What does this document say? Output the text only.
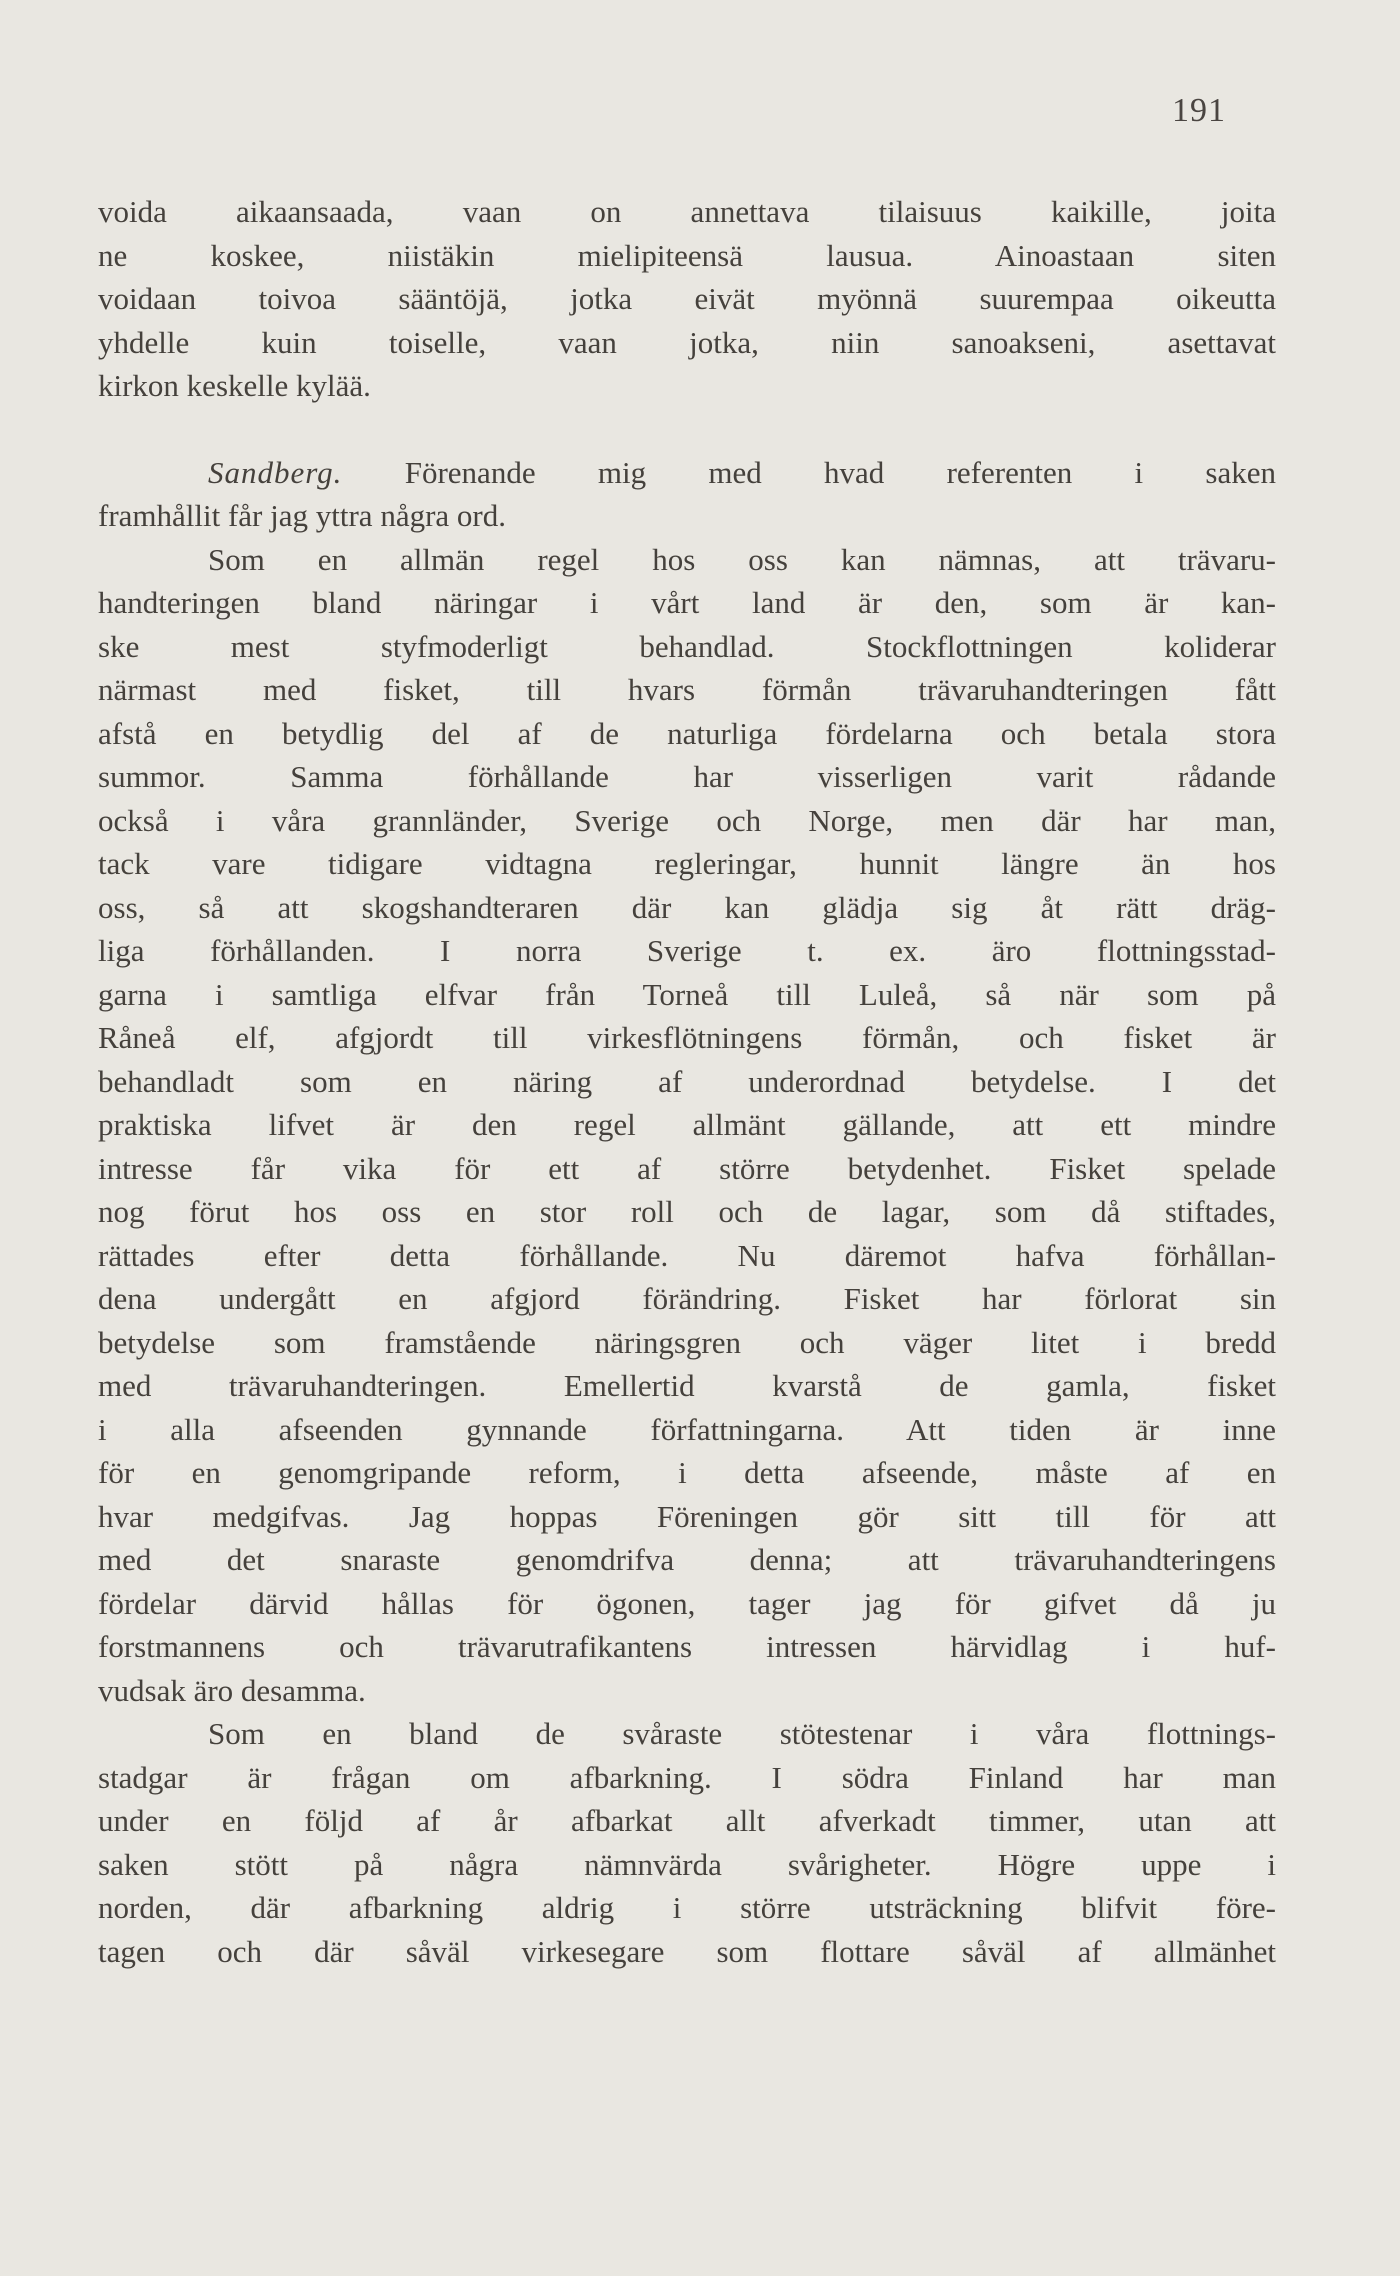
191
voida aikaansaada, vaan on annettava tilaisuus kaikille, joita
ne koskee, niistäkin mielipiteensä lausua. Ainoastaan siten
voidaan toivoa sääntöjä, jotka eivät myönnä suurempaa oikeutta
yhdelle kuin toiselle, vaan jotka, niin sanoakseni, asettavat
kirkon keskelle kylää.
Sandberg. Förenande mig med hvad referenten i saken
framhållit får jag yttra några ord.
Som en allmän regel hos oss kan nämnas, att trävaru-
handteringen bland näringar i vårt land är den, som är kan-
ske mest styfmoderligt behandlad. Stockflottningen koliderar
närmast med fisket, till hvars förmån trävaruhandteringen fått
afstå en betydlig del af de naturliga fördelarna och betala stora
summor. Samma förhållande har visserligen varit rådande
också i våra grannländer, Sverige och Norge, men där har man,
tack vare tidigare vidtagna regleringar, hunnit längre än hos
oss, så att skogshandteraren där kan glädja sig åt rätt dräg-
liga förhållanden. I norra Sverige t. ex. äro flottningsstad-
garna i samtliga elfvar från Torneå till Luleå, så när som på
Råneå elf, afgjordt till virkesflötningens förmån, och fisket är
behandladt som en näring af underordnad betydelse. I det
praktiska lifvet är den regel allmänt gällande, att ett mindre
intresse får vika för ett af större betydenhet. Fisket spelade
nog förut hos oss en stor roll och de lagar, som då stiftades,
rättades efter detta förhållande. Nu däremot hafva förhållan-
dena undergått en afgjord förändring. Fisket har förlorat sin
betydelse som framstående näringsgren och väger litet i bredd
med trävaruhandteringen. Emellertid kvarstå de gamla, fisket
i alla afseenden gynnande författningarna. Att tiden är inne
för en genomgripande reform, i detta afseende, måste af en
hvar medgifvas. Jag hoppas Föreningen gör sitt till för att
med det snaraste genomdrifva denna; att trävaruhandteringens
fördelar därvid hållas för ögonen, tager jag för gifvet då ju
forstmannens och trävarutrafikantens intressen härvidlag i huf-
vudsak äro desamma.
Som en bland de svåraste stötestenar i våra flottnings-
stadgar är frågan om afbarkning. I södra Finland har man
under en följd af år afbarkat allt afverkadt timmer, utan att
saken stött på några nämnvärda svårigheter. Högre uppe i
norden, där afbarkning aldrig i större utsträckning blifvit före-
tagen och där såväl virkesegare som flottare såväl af allmänhet
